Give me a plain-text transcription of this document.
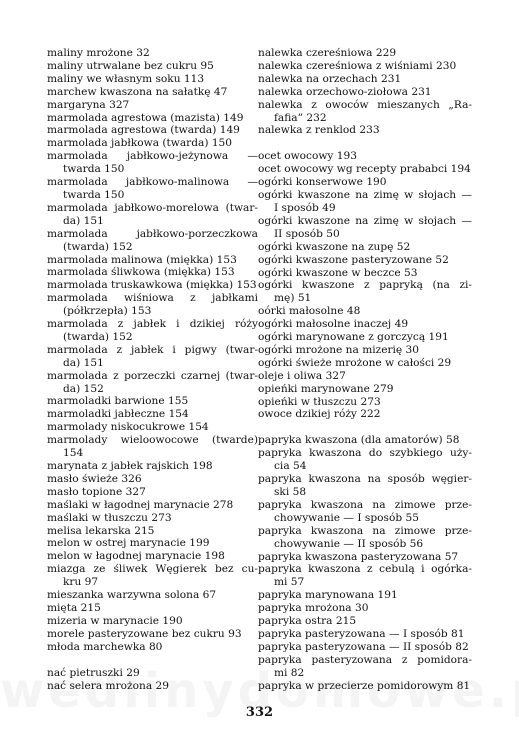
maliny mrożone 32
maliny utrwalane bez cukru 95
maliny we własnym soku 113
marchew kwaszona na sałatkę 47
margaryna 327
marmolada agrestowa (mazista) 149
marmolada agrestowa (twarda) 149
marmolada jabłkowa (twarda) 150
marmolada jabłkowo-jeżynowa —
twarda 150
marmolada jabłkowo-malinowa —
twarda 150
marmolada jabłkowo-morelowa (twar-
da) 151
marmolada jabłkowo-porzeczkowa
(twarda) 152
marmolada malinowa (miękka) 153
marmolada śliwkowa (miękka) 153
marmolada truskawkowa (miękka) 153
marmolada wiśniowa z jabłkami
(półkrzepła) 153
marmolada z jabłek i dzikiej róży
(twarda) 152
marmolada z jabłek i pigwy (twar-
da) 151
marmolada z porzeczki czarnej (twar-
da) 152
marmoladki barwione 155
marmoladki jabłeczne 154
marmolady niskocukrowe 154
marmolady wieloowocowe (twarde)
154
marynata z jabłek rajskich 198
masło świeże 326
masło topione 327
maślaki w łagodnej marynacie 278
maślaki w tłuszczu 273
melisa lekarska 215
melon w ostrej marynacie 199
melon w łagodnej marynacie 198
miazga ze śliwek Węgierek bez cu-
kru 97
mieszanka warzywna solona 67
mięta 215
mizeria w marynacie 190
morele pasteryzowane bez cukru 93
młoda marchewka 80
nać pietruszki 29
nać selera mrożona 29
nalewka czereśniowa 229
nalewka czereśniowa z wiśniami 230
nalewka na orzechach 231
nalewka orzechowo-ziołowa 231
nalewka z owoców mieszanych „Ra-
fafia” 232
nalewka z renklod 233
ocet owocowy 193
ocet owocowy wg recepty prababci 194
ogórki konserwowe 190
ogórki kwaszone na zimę w słojach —
I sposób 49
ogórki kwaszone na zimę w słojach —
II sposób 50
ogórki kwaszone na zupę 52
ogórki kwaszone pasteryzowane 52
ogórki kwaszone w beczce 53
ogórki kwaszone z papryką (na zi-
mę) 51
oórki małosolne 48
ogórki małosolne inaczej 49
ogórki marynowane z gorczycą 191
ogórki mrożone na mizerię 30
ogórki świeże mrożone w całości 29
oleje i oliwa 327
opieńki marynowane 279
opieńki w tłuszczu 273
owoce dzikiej róży 222
papryka kwaszona (dla amatorów) 58
papryka kwaszona do szybkiego uży-
cia 54
papryka kwaszona na sposób węgier-
ski 58
papryka kwaszona na zimowe prze-
chowywanie — I sposób 55
papryka kwaszona na zimowe prze-
chowywanie — II sposób 56
papryka kwaszona pasteryzowana 57
papryka kwaszona z cebulą i ogórka-
mi 57
papryka marynowana 191
papryka mrożona 30
papryka ostra 215
papryka pasteryzowana — I sposób 81
papryka pasteryzowana — II sposób 82
papryka pasteryzowana z pomidora-
mi 82
papryka w przecierze pomidorowym 81
332
